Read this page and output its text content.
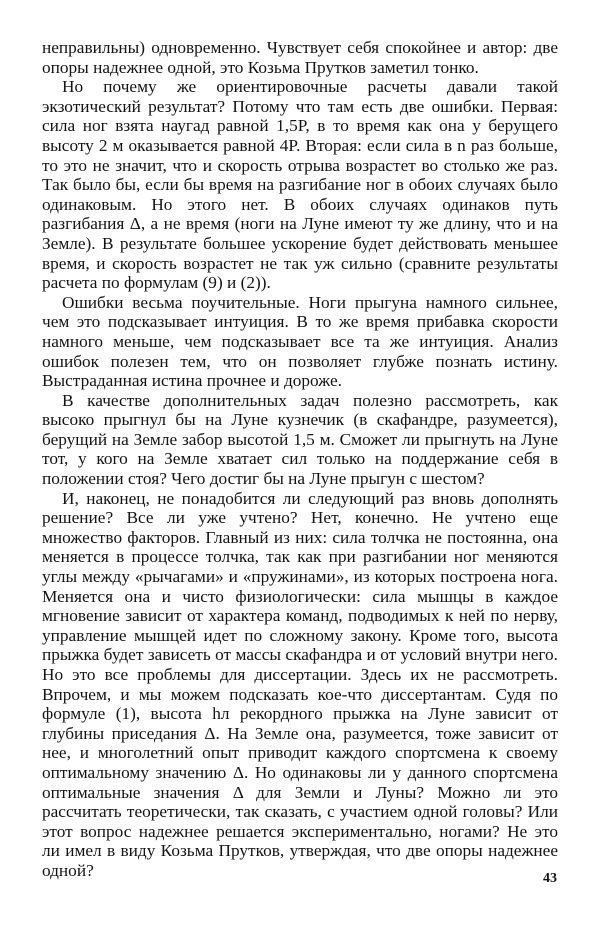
неправильны) одновременно. Чувствует себя спокойнее и автор: две опоры надежнее одной, это Козьма Прутков заметил тонко.

Но почему же ориентировочные расчеты давали такой экзотический результат? Потому что там есть две ошибки. Первая: сила ног взята наугад равной 1,5P, в то время как она у берущего высоту 2 м оказывается равной 4P. Вторая: если сила в n раз больше, то это не значит, что и скорость отрыва возрастет во столько же раз. Так было бы, если бы время на разгибание ног в обоих случаях было одинаковым. Но этого нет. В обоих случаях одинаков путь разгибания Δ, а не время (ноги на Луне имеют ту же длину, что и на Земле). В результате большее ускорение будет действовать меньшее время, и скорость возрастет не так уж сильно (сравните результаты расчета по формулам (9) и (2)).

Ошибки весьма поучительные. Ноги прыгуна намного сильнее, чем это подсказывает интуиция. В то же время прибавка скорости намного меньше, чем подсказывает все та же интуиция. Анализ ошибок полезен тем, что он позволяет глубже познать истину. Выстраданная истина прочнее и дороже.

В качестве дополнительных задач полезно рассмотреть, как высоко прыгнул бы на Луне кузнечик (в скафандре, разумеется), берущий на Земле забор высотой 1,5 м. Сможет ли прыгнуть на Луне тот, у кого на Земле хватает сил только на поддержание себя в положении стоя? Чего достиг бы на Луне прыгун с шестом?

И, наконец, не понадобится ли следующий раз вновь дополнять решение? Все ли уже учтено? Нет, конечно. Не учтено еще множество факторов. Главный из них: сила толчка не постоянна, она меняется в процессе толчка, так как при разгибании ног меняются углы между «рычагами» и «пружинами», из которых построена нога. Меняется она и чисто физиологически: сила мышцы в каждое мгновение зависит от характера команд, подводимых к ней по нерву, управление мышцей идет по сложному закону. Кроме того, высота прыжка будет зависеть от массы скафандра и от условий внутри него. Но это все проблемы для диссертации. Здесь их не рассмотреть. Впрочем, и мы можем подсказать кое-что диссертантам. Судя по формуле (1), высота hл рекордного прыжка на Луне зависит от глубины приседания Δ. На Земле она, разумеется, тоже зависит от нее, и многолетний опыт приводит каждого спортсмена к своему оптимальному значению Δ. Но одинаковы ли у данного спортсмена оптимальные значения Δ для Земли и Луны? Можно ли это рассчитать теоретически, так сказать, с участием одной головы? Или этот вопрос надежнее решается экспериментально, ногами? Не это ли имел в виду Козьма Прутков, утверждая, что две опоры надежнее одной?	43
